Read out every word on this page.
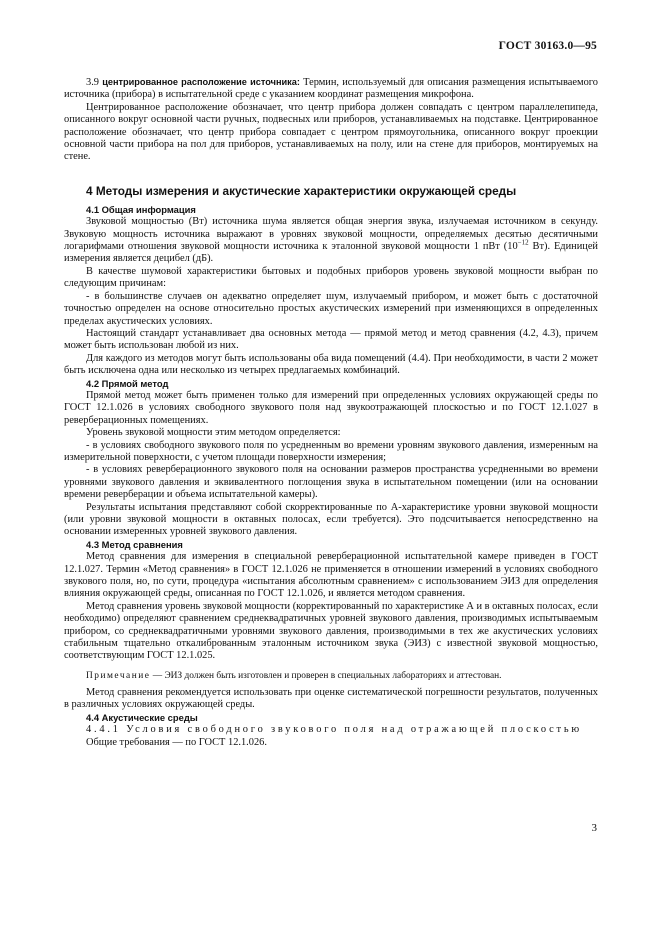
ГОСТ 30163.0—95

3.9 центрированное расположение источника: Термин, используемый для описания размещения испытываемого источника (прибора) в испытательной среде с указанием координат размещения микрофона.

Центрированное расположение обозначает, что центр прибора должен совпадать с центром параллелепипеда, описанного вокруг основной части ручных, подвесных или приборов, устанавливаемых на подставке. Центрированное расположение обозначает, что центр прибора совпадает с центром прямоугольника, описанного вокруг проекции основной части прибора на пол для приборов, устанавливаемых на полу, или на стене для приборов, монтируемых на стене.

4 Методы измерения и акустические характеристики окружающей среды

4.1 Общая информация

Звуковой мощностью (Вт) источника шума является общая энергия звука, излучаемая источником в секунду. Звуковую мощность источника выражают в уровнях звуковой мощности, определяемых десятью десятичными логарифмами отношения звуковой мощности источника к эталонной звуковой мощности 1 пВт ($10^{-12}$ Вт). Единицей измерения является децибел (дБ).

В качестве шумовой характеристики бытовых и подобных приборов уровень звуковой мощности выбран по следующим причинам:

- в большинстве случаев он адекватно определяет шум, излучаемый прибором, и может быть с достаточной точностью определен на основе относительно простых акустических измерений при изменяющихся в определенных пределах акустических условиях.

Настоящий стандарт устанавливает два основных метода — прямой метод и метод сравнения (4.2, 4.3), причем может быть использован любой из них.

Для каждого из методов могут быть использованы оба вида помещений (4.4). При необходимости, в части 2 может быть исключена одна или несколько из четырех предлагаемых комбинаций.

4.2 Прямой метод

Прямой метод может быть применен только для измерений при определенных условиях окружающей среды по ГОСТ 12.1.026 в условиях свободного звукового поля над звукоотражающей плоскостью и по ГОСТ 12.1.027 в реверберационных помещениях.

Уровень звуковой мощности этим методом определяется:

- в условиях свободного звукового поля по усредненным во времени уровням звукового давления, измеренным на измерительной поверхности, с учетом площади поверхности измерения;

- в условиях реверберационного звукового поля на основании размеров пространства усредненными во времени уровнями звукового давления и эквивалентного поглощения звука в испытательном помещении (или на основании времени реверберации и объема испытательной камеры).

Результаты испытания представляют собой скорректированные по А-характеристике уровни звуковой мощности (или уровни звуковой мощности в октавных полосах, если требуется). Это подсчитывается непосредственно на основании измеренных уровней звукового давления.

4.3 Метод сравнения

Метод сравнения для измерения в специальной реверберационной испытательной камере приведен в ГОСТ 12.1.027. Термин «Метод сравнения» в ГОСТ 12.1.026 не применяется в отношении измерений в условиях свободного звукового поля, но, по сути, процедура «испытания абсолютным сравнением» с использованием ЭИЗ для определения влияния окружающей среды, описанная по ГОСТ 12.1.026, и является методом сравнения.

Метод сравнения уровень звуковой мощности (корректированный по характеристике А и в октавных полосах, если необходимо) определяют сравнением среднеквадратичных уровней звукового давления, производимых испытываемым прибором, со среднеквадратичными уровнями звукового давления, производимыми в тех же акустических условиях стабильным тщательно откалиброванным эталонным источником звука (ЭИЗ) с известной звуковой мощностью, соответствующим ГОСТ 12.1.025.

Примечание — ЭИЗ должен быть изготовлен и проверен в специальных лабораториях и аттестован.

Метод сравнения рекомендуется использовать при оценке систематической погрешности результатов, полученных в различных условиях окружающей среды.

4.4 Акустические среды

4.4.1 Условия свободного звукового поля над отражающей плоскостью

Общие требования — по ГОСТ 12.1.026.

3
